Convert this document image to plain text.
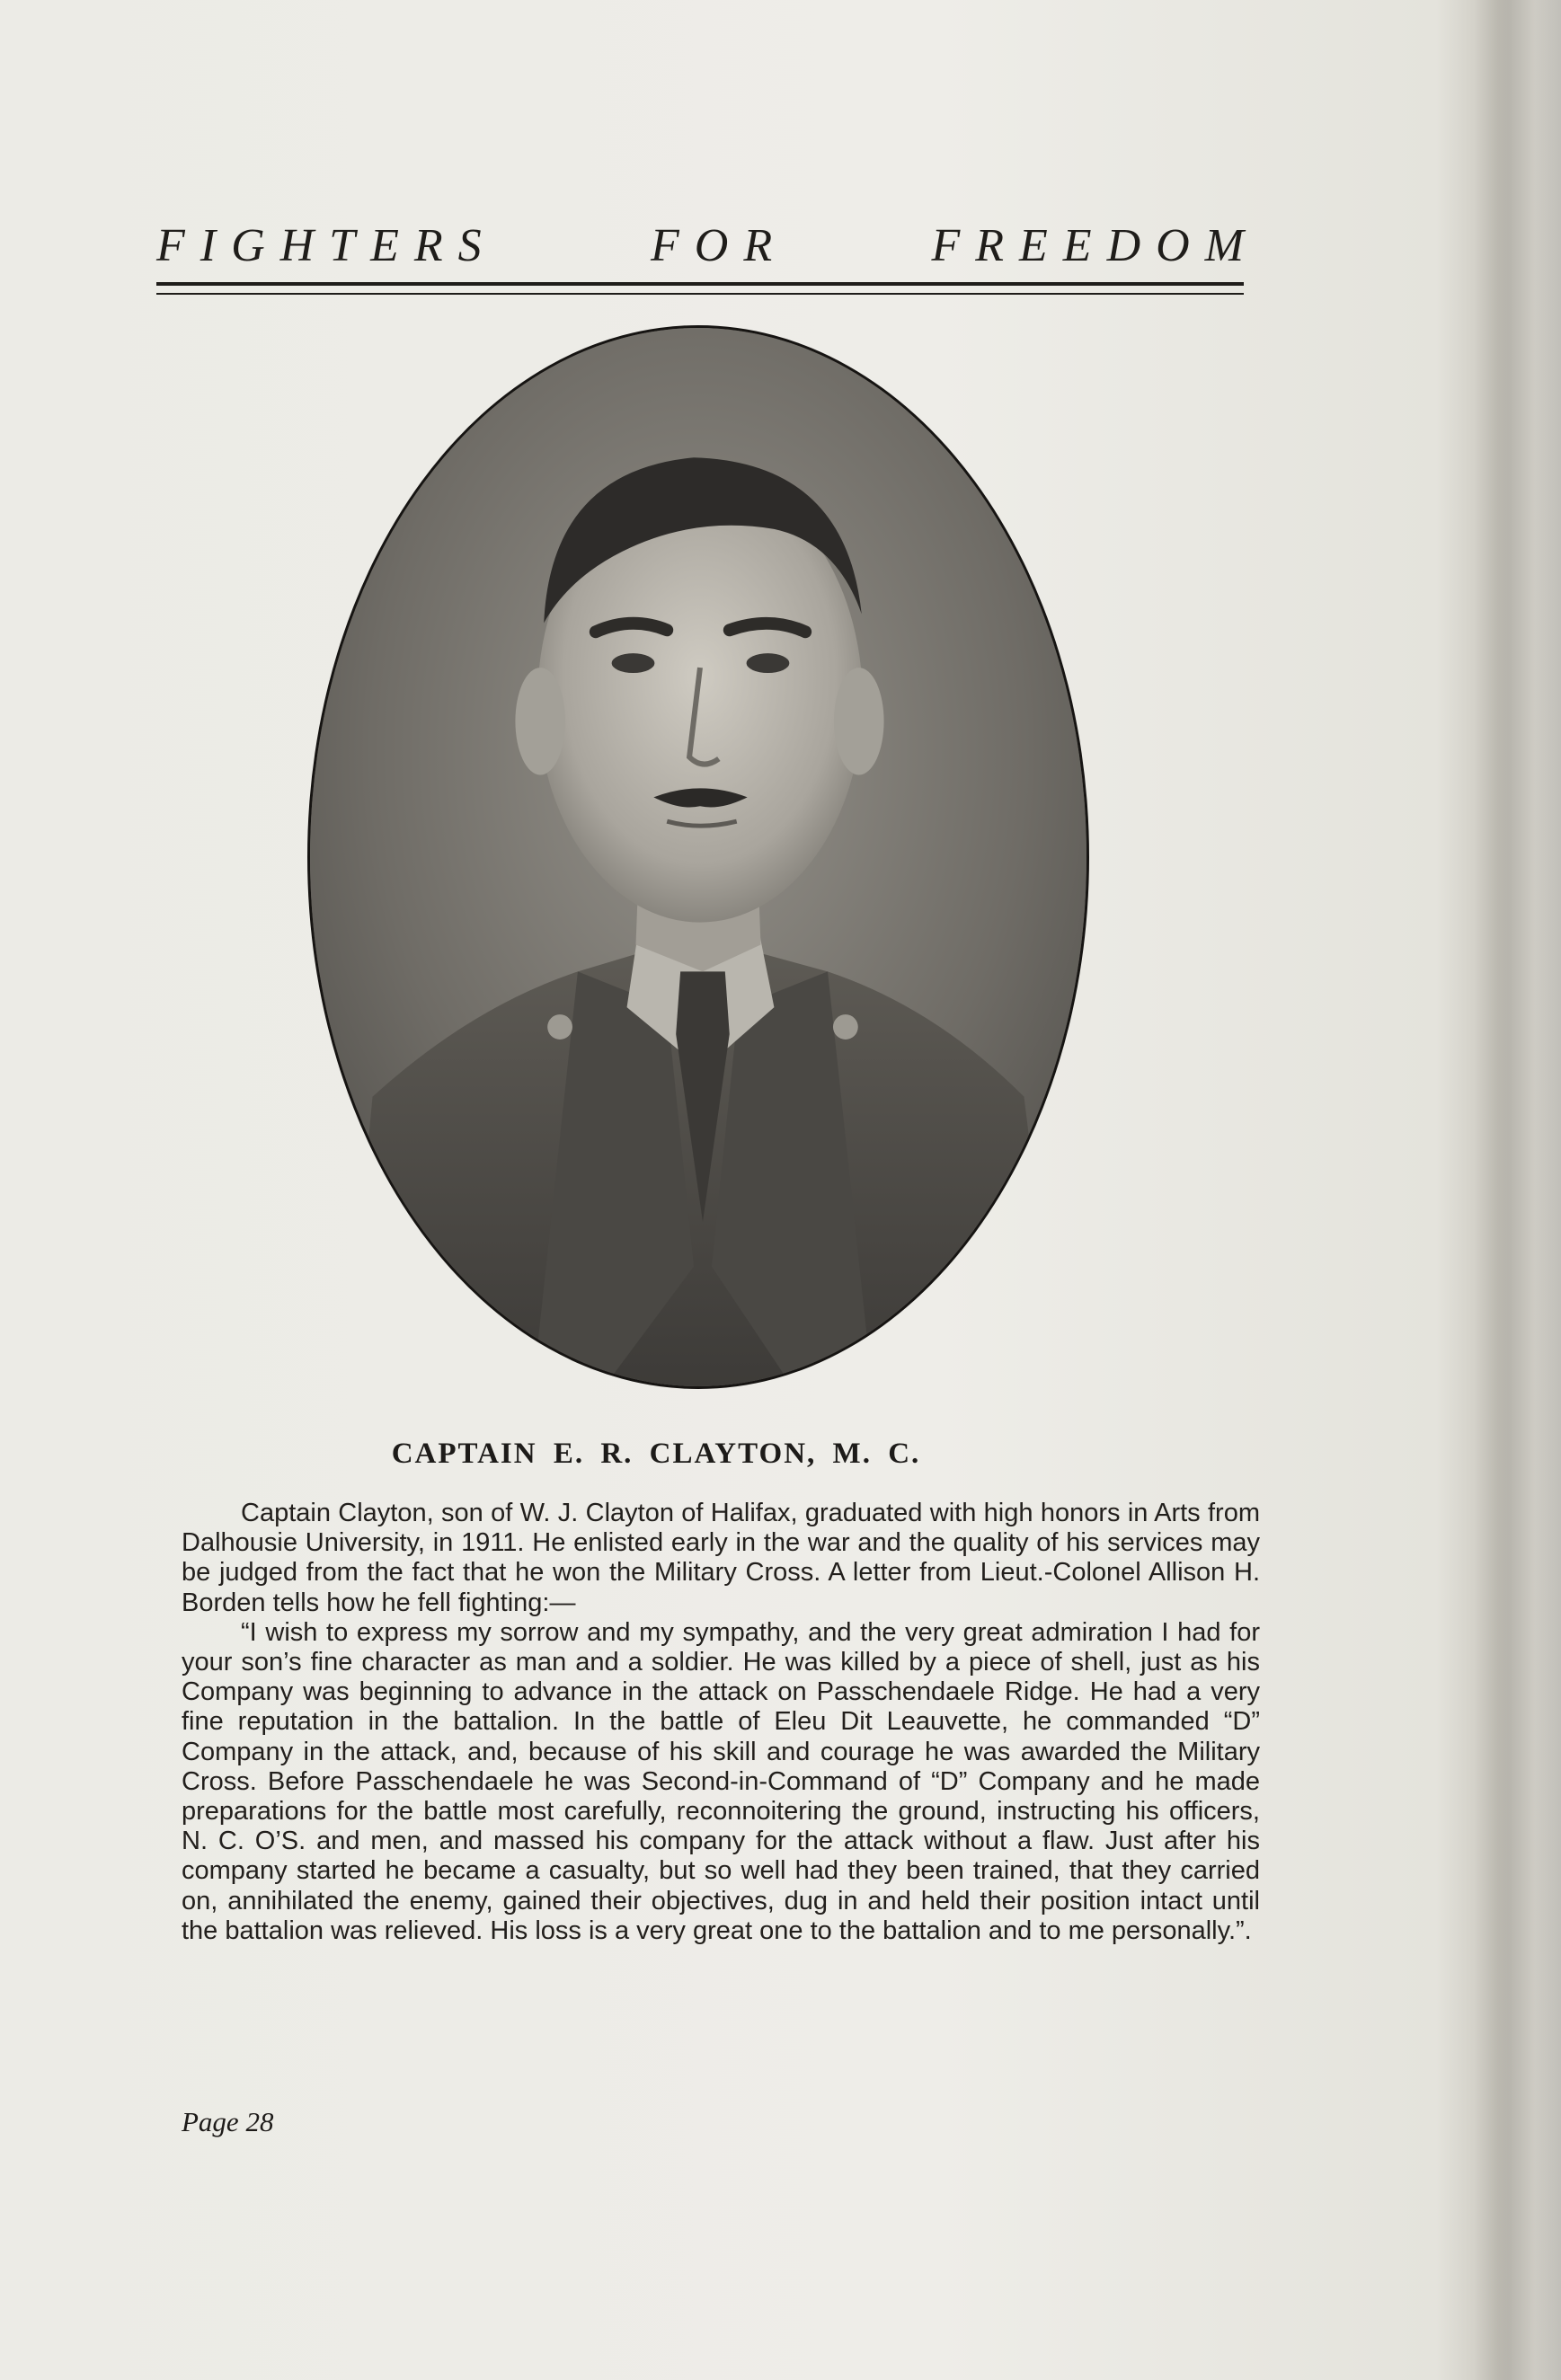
FIGHTERS	FOR	FREEDOM
CAPTAIN E. R. CLAYTON, M. C.

Captain Clayton, son of W. J. Clayton of Halifax, graduated with high honors in Arts from Dalhousie University, in 1911. He enlisted early in the war and the quality of his services may be judged from the fact that he won the Military Cross. A letter from Lieut.-Colonel Allison H. Borden tells how he fell fighting:—

“I wish to express my sorrow and my sympathy, and the very great admiration I had for your son’s fine character as man and a soldier. He was killed by a piece of shell, just as his Company was beginning to advance in the attack on Passchendaele Ridge. He had a very fine reputation in the battalion. In the battle of Eleu Dit Leauvette, he commanded “D” Company in the attack, and, because of his skill and courage he was awarded the Military Cross. Before Passchendaele he was Second-in-Command of “D” Company and he made preparations for the battle most carefully, reconnoitering the ground, instructing his officers, N. C. O’S. and men, and massed his company for the attack without a flaw. Just after his company started he became a casualty, but so well had they been trained, that they carried on, annihilated the enemy, gained their objectives, dug in and held their position intact until the battalion was relieved. His loss is a very great one to the battalion and to me personally.”.

Page 28
